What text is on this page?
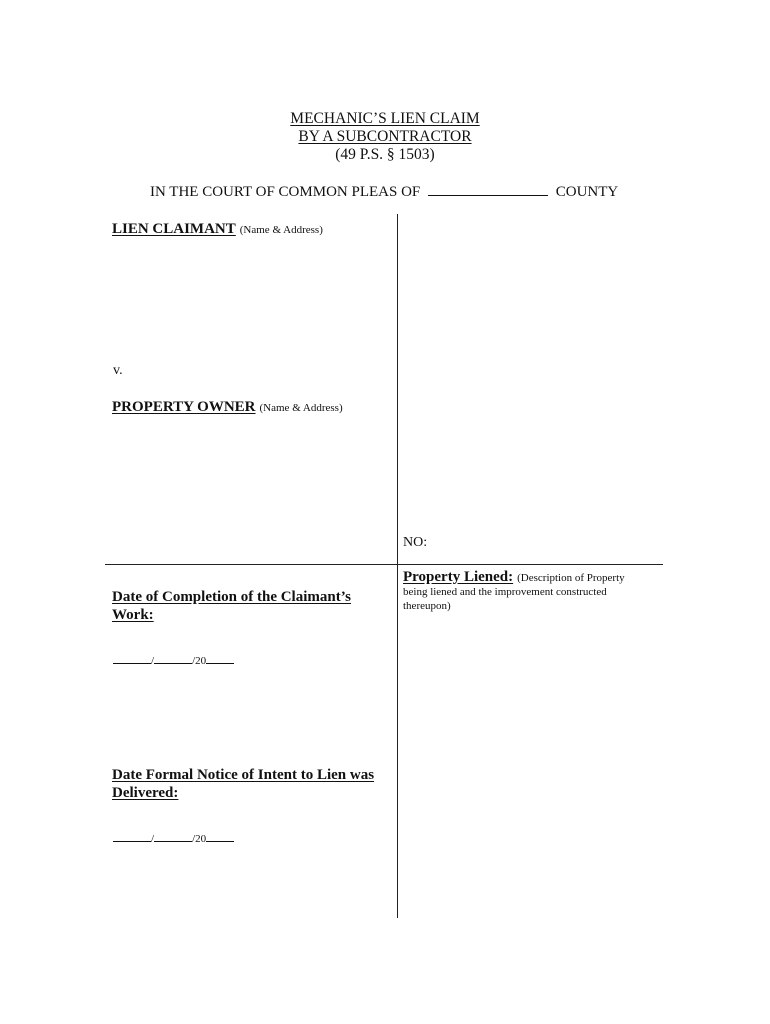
MECHANIC’S LIEN CLAIM
BY A SUBCONTRACTOR
(49 P.S. § 1503)
IN THE COURT OF COMMON PLEAS OF	COUNTY
LIEN CLAIMANT (Name & Address)
v.
PROPERTY OWNER (Name & Address)
NO:
Date of Completion of the Claimant’s
Work:
/	/20
Date Formal Notice of Intent to Lien was
Delivered:
/	/20
Property Liened: (Description of Property
being liened and the improvement constructed
thereupon)
